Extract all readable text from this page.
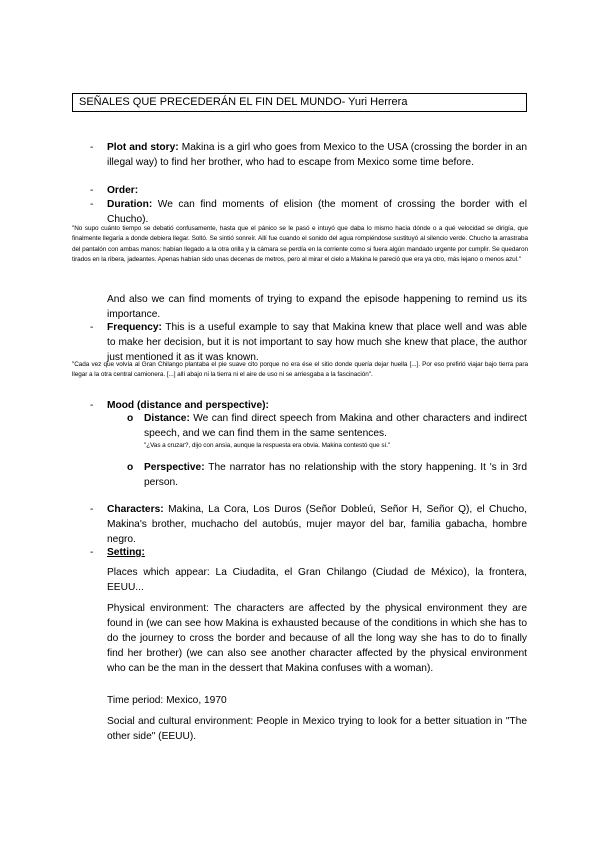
SEÑALES QUE PRECEDERÁN EL FIN DEL MUNDO- Yuri Herrera
- Plot and story: Makina is a girl who goes from Mexico to the USA (crossing the border in an illegal way) to find her brother, who had to escape from Mexico some time before.

- Order:

- Duration: We can find moments of elision (the moment of crossing the border with el Chucho).

"No supo cuánto tiempo se debatió confusamente, hasta que el pánico se le pasó e intuyó que daba lo mismo hacia dónde o a qué velocidad se dirigía, que finalmente llegaría a donde debiera llegar. Soltó. Se sintió sonreír. Allí fue cuando el sonido del agua rompiéndose sustituyó al silencio verde. Chucho la arrastraba del pantalón con ambas manos: habían llegado a la otra orilla y la cámara se perdía en la corriente como si fuera algún mandado urgente por cumplir. Se quedaron tirados en la ribera, jadeantes. Apenas habían sido unas decenas de metros, pero al mirar el cielo a Makina le pareció que era ya otro, más lejano o menos azul."
And also we can find moments of trying to expand the episode happening to remind us its importance.
- Frequency: This is a useful example to say that Makina knew that place well and was able to make her decision, but it is not important to say how much she knew that place, the author just mentioned it as it was known.

"Cada vez que volvía al Gran Chilango plantaba el pie suave cito porque no era ése el sitio donde quería dejar huella [...]. Por eso prefirió viajar bajo tierra para llegar a la otra central camionera. [...] allí abajo ni la tierra ni el aire de uso ni se arriesgaba a la fascinación".
- Mood (distance and perspective):

o Distance: We can find direct speech from Makina and other characters and indirect speech, and we can find them in the same sentences.

"¿Vas a cruzar?, dijo con ansia, aunque la respuesta era obvia. Makina contestó que sí."
o Perspective: The narrator has no relationship with the story happening. It 's in 3rd person.

- Characters: Makina, La Cora, Los Duros (Señor Dobleú, Señor H, Señor Q), el Chucho, Makina's brother, muchacho del autobús, mujer mayor del bar, familia gabacha, hombre negro.

- Setting:

Places which appear: La Ciudadita, el Gran Chilango (Ciudad de México), la frontera, EEUU...
Physical environment: The characters are affected by the physical environment they are found in (we can see how Makina is exhausted because of the conditions in which she has to do the journey to cross the border and because of all the long way she has to do to finally find her brother) (we can also see another character affected by the physical environment who can be the man in the dessert that Makina confuses with a woman).
Time period: Mexico, 1970
Social and cultural environment: People in Mexico trying to look for a better situation in "The other side" (EEUU).
